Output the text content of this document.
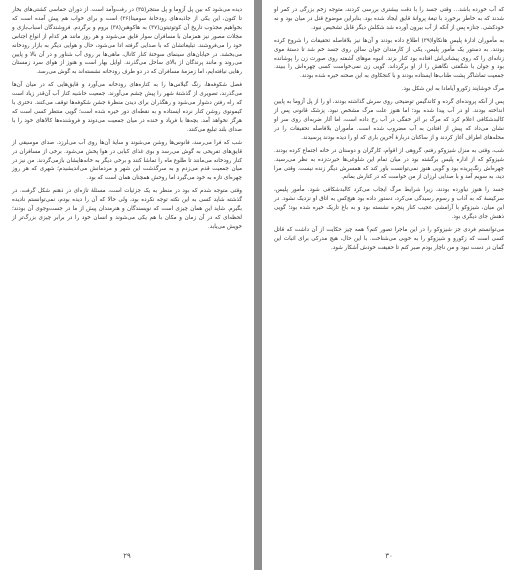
دیده می‌شود که بین پل آزوما و پل ستجر(۳۵) در رفت‌وآمد است. از دوران حماسی کشتی‌های بخار تا کنون، این یکی از جاذبه‌های رودخانهٔ سومینا(۳۶) است و برای خواب هم پیش آمده است که بخواهیم مجذوب تاریخ آن کوتوتیتون(۳۷) به هاکوهبن(۳۸) بروم و برگردم. فروشندگان اسباب‌بازی و مجلات مصور نیز همزمان با مسافران سوار قایق می‌شوند و هر روز مانند هر کدام از انواع اجناس خود را می‌فروشند. تبلیغاتشان که با صدایی گرفته ادا می‌شود، حال و هوایی دیگر به بازار رودخانه می‌بخشد. در خیابان‌های سینمای سوختهٔ کنار کانال، ماهی‌ها بر روی آب شناور و در آن بالا و پایین می‌روند و مانند پرندگان از بالای ساحل می‌گذرند. اوایل بهار است و هنوز از هوای سرد زمستان رهایی نیافته‌ایم، اما زمزمهٔ مسافران که در دو طرف رودخانه نشسته‌اند به گوش می‌رسد.

فصل شکوفه‌ها، رنگ گیلاس‌ها را به کناره‌های رودخانه می‌آورد و قایق‌هایی که در میان آن‌ها می‌گذرند، تصویری از گذشتهٔ شهر را پیش چشم می‌آورند. جمعیت حاشیه کنار آب آن‌قدر زیاد است که راه رفتن دشوار می‌شود و رهگذران برای دیدن منظرهٔ جشن شکوفه‌ها توقف می‌کنند. دختری با کیمونوی روشن کنار نرده ایستاده و به نقطه‌ای دور خیره شده است؛ گویی منتظر کسی است که هرگز نخواهد آمد. بچه‌ها با فریاد و خنده در میان جمعیت می‌دوند و فروشنده‌ها کالاهای خود را با صدای بلند تبلیغ می‌کنند.

شب که فرا می‌رسد، فانوس‌ها روشن می‌شوند و سایهٔ آن‌ها روی آب می‌لرزد. صدای موسیقی از قایق‌های تفریحی به گوش می‌رسد و بوی غذای کبابی در هوا پخش می‌شود. برخی از مسافران در کنار رودخانه می‌مانند تا طلوع ماه را تماشا کنند و برخی دیگر به خانه‌هایشان بازمی‌گردند. من نیز در میان جمعیت قدم می‌زدم و به سرگذشت این شهر و مردمانش می‌اندیشیدم؛ شهری که هر روز چهره‌ای تازه به خود می‌گیرد اما روحش همچنان همان است که بود.

وقتی متوجه شدم که بود در منظر به یک جزئیات است، مسئلهٔ تازه‌ای در ذهنم شکل گرفت. در گذشته شاید کسی به این نکته توجه نکرده بود، ولی حالا که آن را دیده بودم، نمی‌توانستم نادیده بگیرم. شاید این همان چیزی است که نویسندگان و هنرمندان پیش از ما در جست‌وجوی آن بودند؛ لحظه‌ای که در آن زمان و مکان با هم یکی می‌شوند و انسان خود را در برابر چیزی بزرگ‌تر از خویش می‌یابد.

۲۹

که آب خورده باشد... وقتی جسد را با دقت بیشتری بررسی کردند، متوجه زخم بزرگی در کمر او شدند که به خاطر برخورد با تیغهٔ پروانهٔ قایق ایجاد شده بود. بنابراین موضوع قتل در میان بود و نه خودکشی. جنازه پس از آنکه از آب بیرون آورده شد شکلش دیگر قابل تشخیص نبود.

به مأموران ادارهٔ پلیس هانکاوا(۳۹) اطلاع داده بودند و آن‌ها نیز بلافاصله تحقیقات را شروع کرده بودند. به دستور یک مأمور پلیس، یکی از کارمندان جوان سالن روی جسد خم شد تا دستهٔ موی زنانه‌ای را که روی پیشانی‌اش افتاده بود کنار بزند. انبوه موهای آشفته روی صورت زن را پوشانده بود و جوان با شگفتی نگاهش را از او برگرداند. گویی زن نمی‌خواست کسی چهره‌اش را ببیند. جمعیت تماشاگر پشت طناب‌ها ایستاده بودند و با کنجکاوی به این صحنه خیره شده بودند.

مرگ خوشایند زکورو آیامادا به این شکل بود.

پس از آنکه پرونده‌ای گرده و کاندگیس توضیحی روی سرش گذاشته بودند، او را از پل آزوما به پایین انداخته بودند. او در آب پیدا شده بود؛ اما هنوز علت مرگ مشخص نبود. پزشک قانونی پس از کالبدشکافی اعلام کرد که مرگ بر اثر خفگی در آب رخ داده است، اما آثار ضربه‌ای روی سر او نشان می‌داد که پیش از افتادن به آب مضروب شده است. مأموران بلافاصله تحقیقات را در محله‌های اطراف آغاز کردند و از ساکنان دربارهٔ آخرین باری که او را دیده بودند پرسیدند.

شب، وقتی به منزل شیزوکو رفتم، گروهی از اقوام، کارگران و دوستان در خانه اجتماع کرده بودند. شیزوکو که از اداره پلیس برگشته بود در میان تمام این شلوغی‌ها حیرت‌زده به نظر می‌رسید. چهره‌اش رنگ‌پریده بود و گویی هنوز نمی‌توانست باور کند که همسرش دیگر زنده نیست. وقتی مرا دید، به سویم آمد و با صدایی لرزان از من خواست که در کنارش بمانم.

جسد را هنوز نیاورده بودند، زیرا شرایط مرگ ایجاب می‌کرد کالبدشکافی شود. مأمور پلیس، سرکیسهٔ که به آداب و رسوم رسیدگی می‌کرد، دستور داده بود هیچ‌کس به اتاق او نزدیک نشود. در این میان، شیزوکو با آرامشی عجیب کنار پنجره نشسته بود و به باغ تاریک خیره شده بود؛ گویی ذهنش جای دیگری بود.

می‌توانستم فردی جز شیزوکو را در این ماجرا تصور کنم؟ همه چیز حکایت از آن داشت که قاتل کسی است که زکورو و شیزوکو را به خوبی می‌شناخت. با این حال، هیچ مدرکی برای اثبات این گمان در دست نبود و من ناچار بودم صبر کنم تا حقیقت خودش آشکار شود.

۳۰
